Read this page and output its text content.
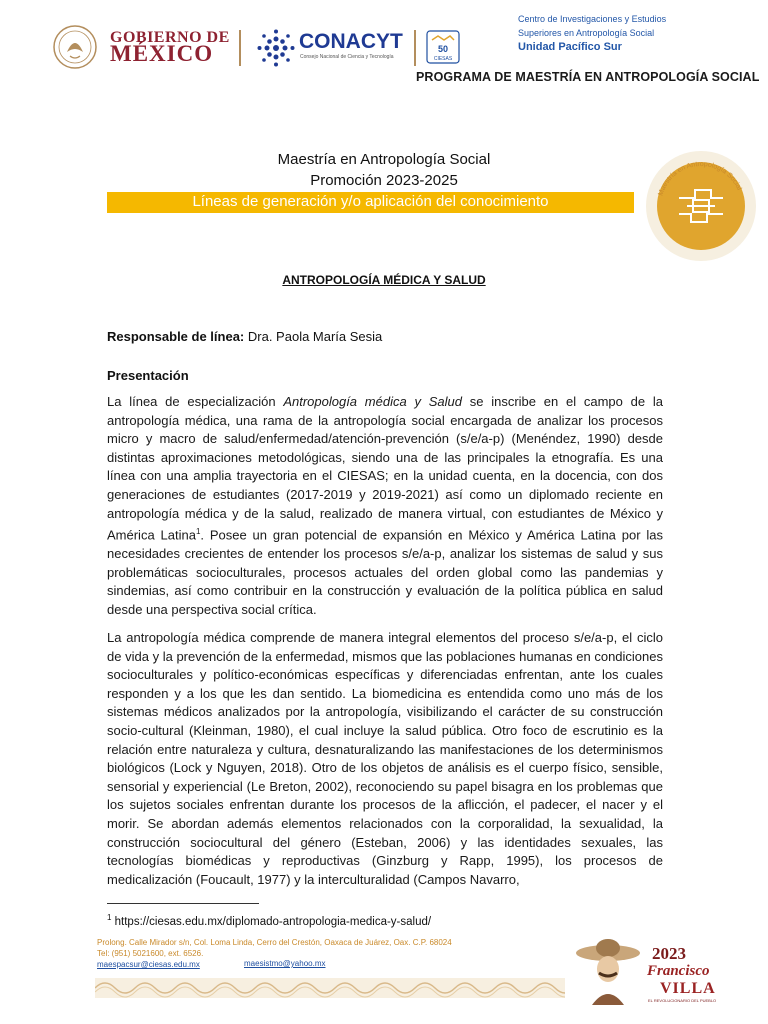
GOBIERNO DE
MÉXICO	CONACYT
Consejo Nacional de Ciencia y Tecnología
50
CIESAS
Centro de Investigaciones y Estudios
Superiores en Antropología Social
Unidad Pacífico Sur
PROGRAMA DE MAESTRÍA EN ANTROPOLOGÍA SOCIAL
Maestría en Antropología Social
Promoción 2023-2025
Líneas de generación y/o aplicación del conocimiento
Maestría en Antropología Social
ANTROPOLOGÍA MÉDICA Y SALUD
Responsable de línea: Dra. Paola María Sesia
Presentación
La línea de especialización Antropología médica y Salud se inscribe en el campo de la antropología médica, una rama de la antropología social encargada de analizar los procesos micro y macro de salud/enfermedad/atención-prevención (s/e/a-p) (Menéndez, 1990) desde distintas aproximaciones metodológicas, siendo una de las principales la etnografía. Es una línea con una amplia trayectoria en el CIESAS; en la unidad cuenta, en la docencia, con dos generaciones de estudiantes (2017-2019 y 2019-2021) así como un diplomado reciente en antropología médica y de la salud, realizado de manera virtual, con estudiantes de México y América Latina$^1$. Posee un gran potencial de expansión en México y América Latina por las necesidades crecientes de entender los procesos s/e/a-p, analizar los sistemas de salud y sus problemáticas socioculturales, procesos actuales del orden global como las pandemias y sindemias, así como contribuir en la construcción y evaluación de la política pública en salud desde una perspectiva social crítica.
La antropología médica comprende de manera integral elementos del proceso s/e/a-p, el ciclo de vida y la prevención de la enfermedad, mismos que las poblaciones humanas en condiciones socioculturales y político-económicas específicas y diferenciadas enfrentan, ante los cuales responden y a los que les dan sentido. La biomedicina es entendida como uno más de los sistemas médicos analizados por la antropología, visibilizando el carácter de su construcción socio-cultural (Kleinman, 1980), el cual incluye la salud pública. Otro foco de escrutinio es la relación entre naturaleza y cultura, desnaturalizando las manifestaciones de los determinismos biológicos (Lock y Nguyen, 2018). Otro de los objetos de análisis es el cuerpo físico, sensible, sensorial y experiencial (Le Breton, 2002), reconociendo su papel bisagra en los problemas que los sujetos sociales enfrentan durante los procesos de la aflicción, el padecer, el nacer y el morir. Se abordan además elementos relacionados con la corporalidad, la sexualidad, la construcción sociocultural del género (Esteban, 2006) y las identidades sexuales, las tecnologías biomédicas y reproductivas (Ginzburg y Rapp, 1995), los procesos de medicalización (Foucault, 1977) y la interculturalidad (Campos Navarro,
$^1$ https://ciesas.edu.mx/diplomado-antropologia-medica-y-salud/
Prolong. Calle Mirador s/n, Col. Loma Linda, Cerro del Crestón, Oaxaca de Juárez, Oax. C.P. 68024
Tel: (951) 5021600, ext. 6526.
maespacsur@ciesas.edu.mx	maesistmo@yahoo.mx
2023
Francisco
VILLA
EL REVOLUCIONARIO DEL PUEBLO
